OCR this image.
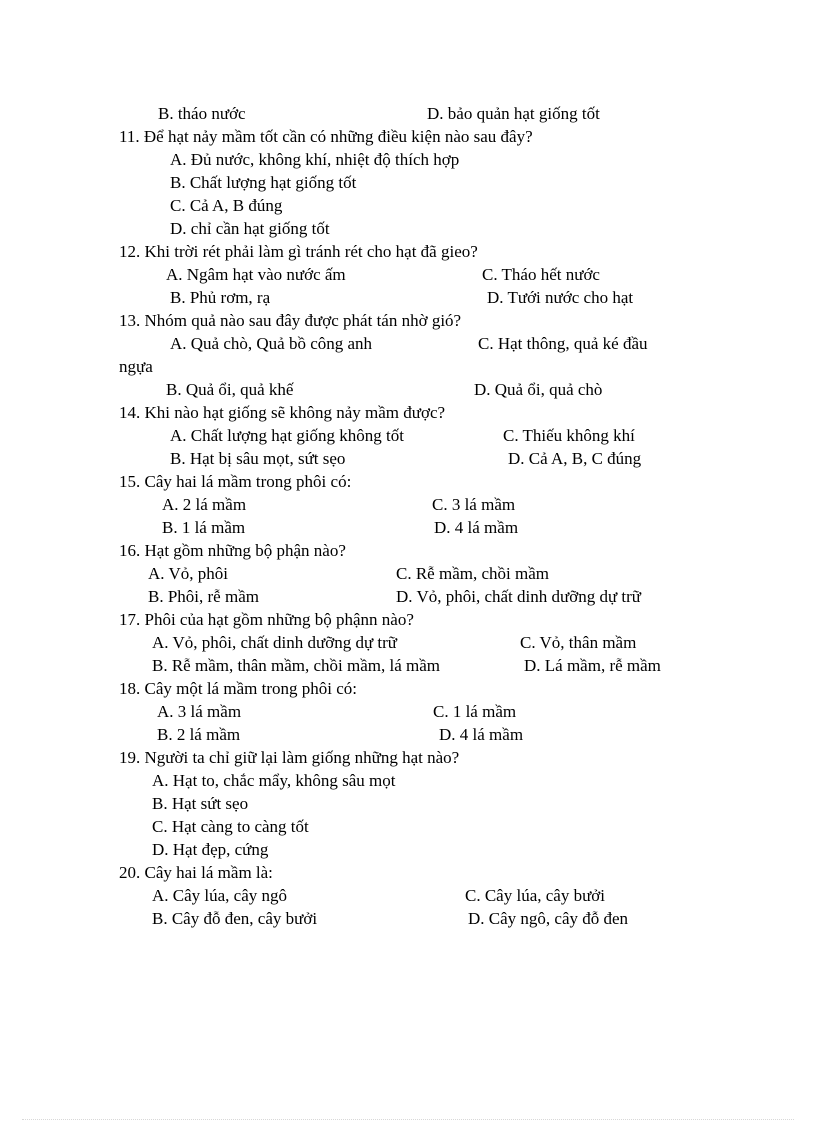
B. tháo nước	D. bảo quản hạt giống tốt
11. Để hạt nảy mầm tốt cần có những điều kiện nào sau đây?
A. Đủ nước, không khí, nhiệt độ thích hợp
B. Chất lượng hạt giống tốt
C. Cả A, B đúng
D. chỉ cần hạt giống tốt
12. Khi trời rét phải làm gì tránh rét cho hạt đã gieo?
A. Ngâm hạt vào nước ấm	C. Tháo hết nước
B. Phủ rơm, rạ	D. Tưới nước cho hạt
13. Nhóm quả nào sau đây được phát tán nhờ gió?
A. Quả chò, Quả bồ công anh	C. Hạt thông, quả ké đầu
ngựa
B. Quả ổi, quả khế	D. Quả ổi, quả chò
14. Khi nào hạt giống sẽ không nảy mầm được?
A. Chất lượng hạt giống không tốt	C. Thiếu không khí
B. Hạt bị sâu mọt, sứt sẹo	D. Cả A, B, C đúng
15. Cây hai lá mầm trong phôi có:
A. 2 lá mầm	C. 3 lá mầm
B. 1 lá mầm	D. 4 lá mầm
16. Hạt gồm những bộ phận nào?
A. Vỏ, phôi	C. Rễ mầm, chồi mầm
B. Phôi, rễ mầm	D. Vỏ, phôi, chất dinh dưỡng dự trữ
17. Phôi của hạt gồm những bộ phậnn nào?
A. Vỏ, phôi, chất dinh dưỡng dự trữ	C. Vỏ, thân mầm
B. Rễ mầm, thân mầm, chồi mầm, lá mầm	D. Lá mầm, rễ mầm
18. Cây một lá mầm trong phôi có:
A. 3 lá mầm	C. 1 lá mầm
B. 2 lá mầm	D. 4 lá mầm
19. Người ta chỉ giữ lại làm giống những hạt nào?
A. Hạt to, chắc mẩy, không sâu mọt
B. Hạt sứt sẹo
C. Hạt càng to càng tốt
D. Hạt đẹp, cứng
20. Cây hai lá mầm là:
A. Cây lúa, cây ngô	C. Cây lúa, cây bưởi
B. Cây đỗ đen, cây bưởi	D. Cây ngô, cây đỗ đen
